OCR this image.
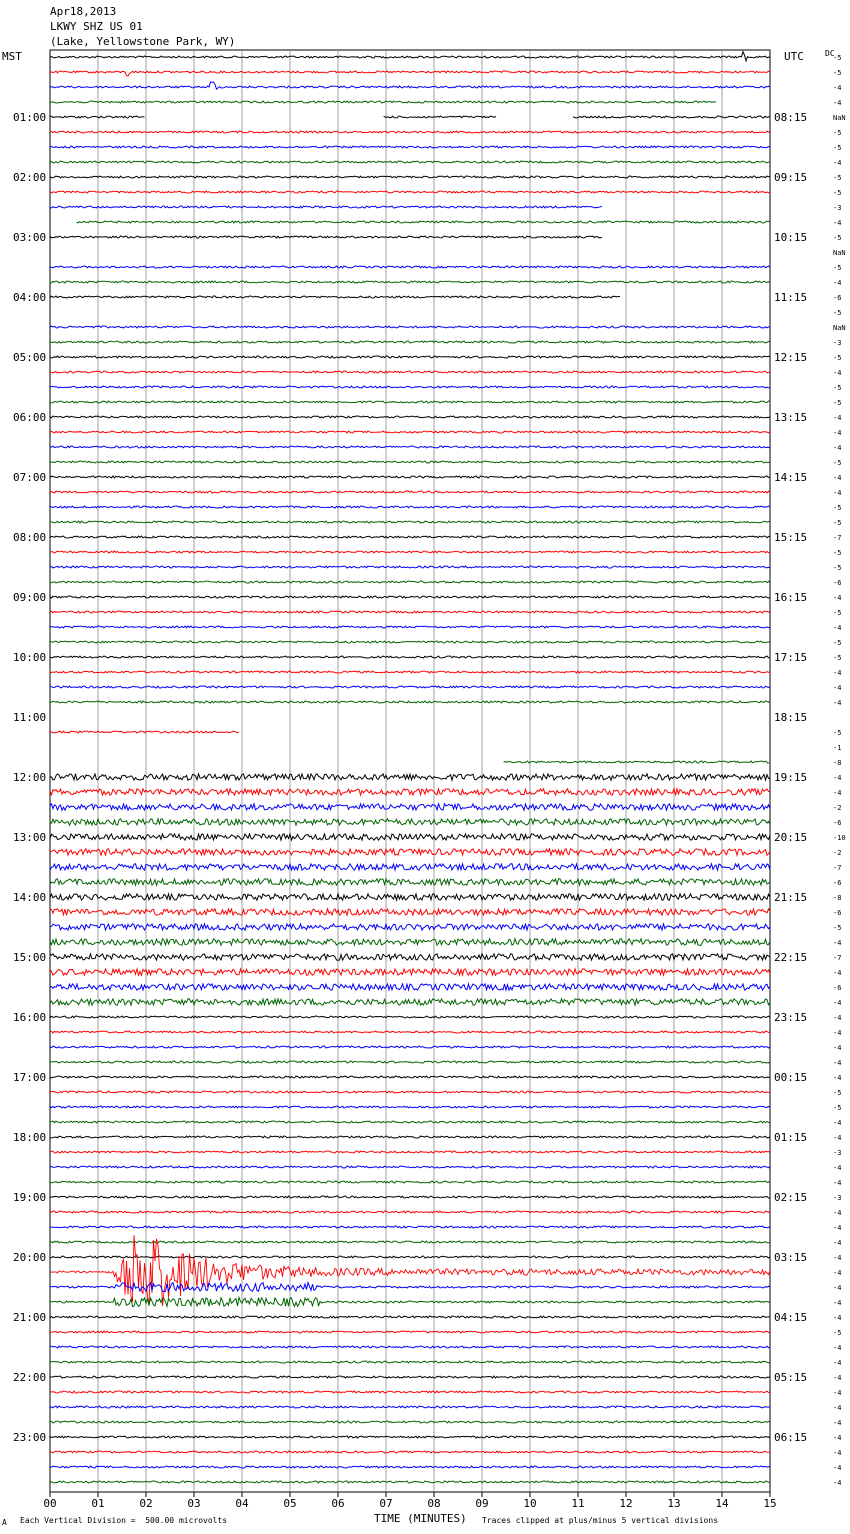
Apr18,2013
LKWY SHZ US 01
(Lake, Yellowstone Park, WY)
MST	UTC	DC
00	01	02	03	04	05	06	07	08	09	10	11	12	13	14	15
01:00	08:15
02:00	09:15
03:00	10:15
04:00	11:15
05:00	12:15
06:00	13:15
07:00	14:15
08:00	15:15
09:00	16:15
10:00	17:15
11:00	18:15
12:00	19:15
13:00	20:15
14:00	21:15
15:00	22:15
16:00	23:15
17:00	00:15
18:00	01:15
19:00	02:15
20:00	03:15
21:00	04:15
22:00	05:15
23:00	06:15
-5
-5
-4
-4
NaN
-5
-5
-4
-5
-5
-3
-4
-5
NaN
-5
-4
-6
-5
NaN
-3
-5
-4
-5
-5
-4
-4
-4
-5
-4
-4
-5
-5
-7
-5
-5
-6
-4
-5
-4
-5
-5
-4
-4
-4
-5
-1
-8
-4
-4
-2
-6
-10
-2
-7
-6
-8
-6
-5
-4
-7
-4
-6
-4
-4
-4
-4
-4
-4
-5
-5
-4
-4
-3
-4
-4
-3
-4
-4
-4
-4
-4
-4
-4
-4
-5
-4
-4
-4
-4
-4
-4
-4
-4
-4
-4
TIME (MINUTES)
A Each Vertical Division =  500.00 microvolts	Traces clipped at plus/minus 5 vertical divisions
